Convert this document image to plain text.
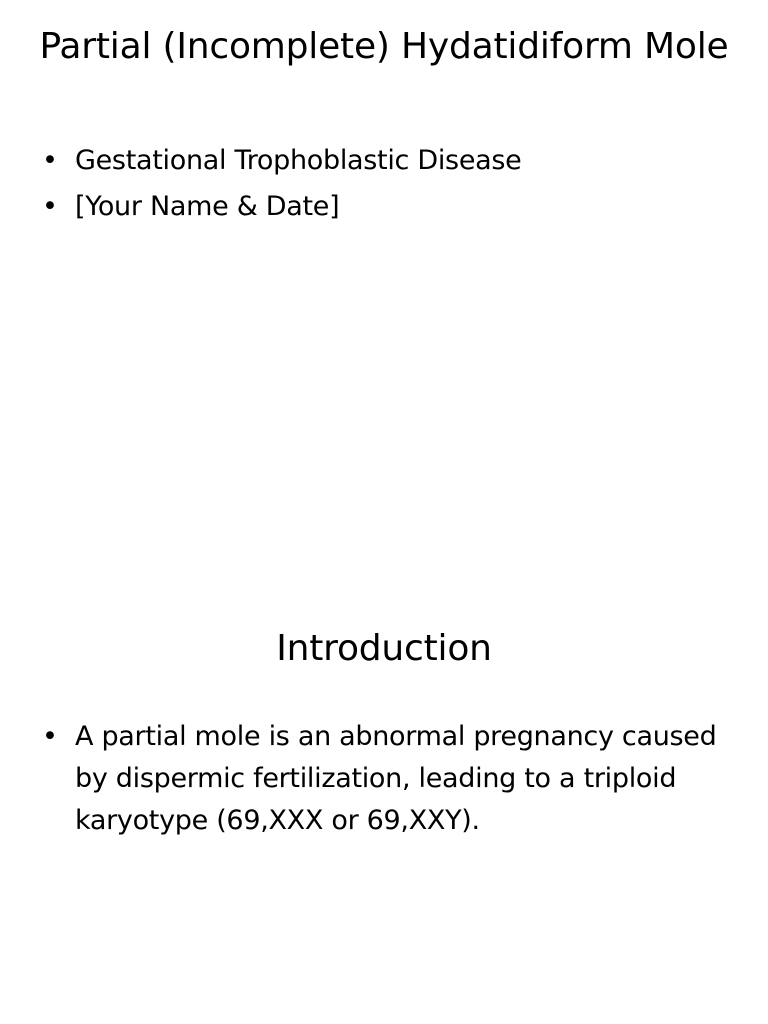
Partial (Incomplete) Hydatidiform Mole
• Gestational Trophoblastic Disease
• [Your Name & Date]
Introduction
• A partial mole is an abnormal pregnancy caused by dispermic fertilization, leading to a triploid karyotype (69,XXX or 69,XXY).
